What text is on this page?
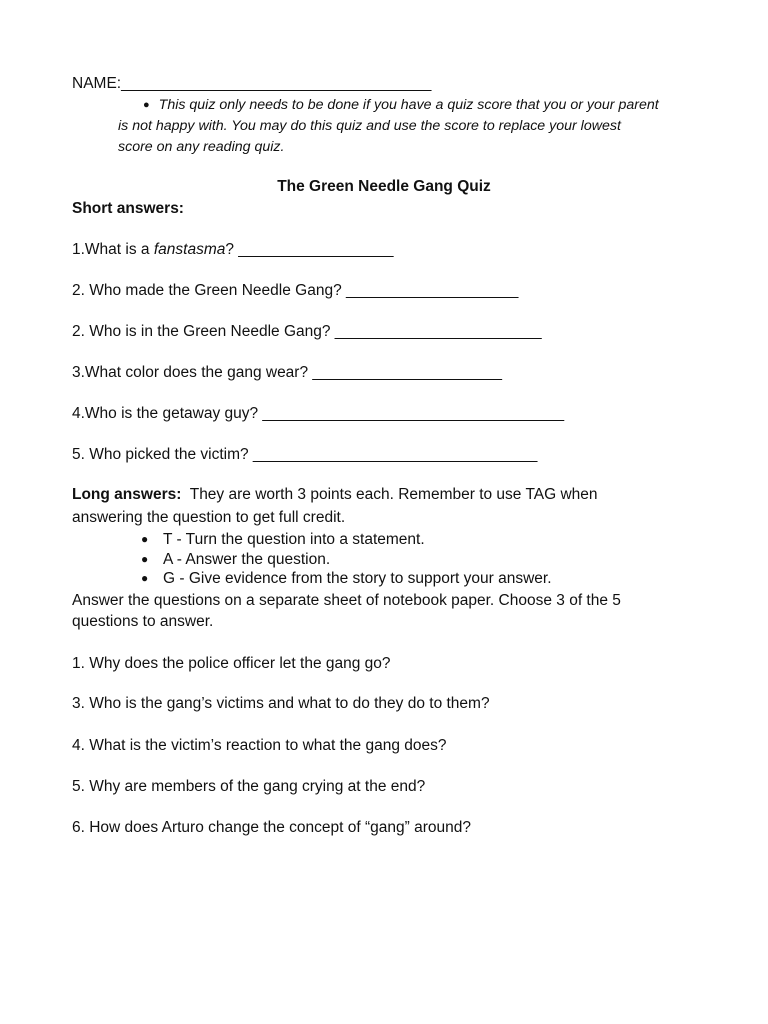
NAME:____________________________________
● This quiz only needs to be done if you have a quiz score that you or your parent
is not happy with. You may do this quiz and use the score to replace your lowest
score on any reading quiz.
The Green Needle Gang Quiz
Short answers:
1.What is a fanstasma? __________________
2. Who made the Green Needle Gang? ____________________
2. Who is in the Green Needle Gang? ________________________
3.What color does the gang wear? ______________________
4.Who is the getaway guy? ___________________________________
5. Who picked the victim? _________________________________
Long answers:  They are worth 3 points each. Remember to use TAG when
answering the question to get full credit.
● T - Turn the question into a statement.
● A - Answer the question.
● G - Give evidence from the story to support your answer.
Answer the questions on a separate sheet of notebook paper. Choose 3 of the 5
questions to answer.
1. Why does the police officer let the gang go?
3. Who is the gang’s victims and what to do they do to them?
4. What is the victim’s reaction to what the gang does?
5. Why are members of the gang crying at the end?
6. How does Arturo change the concept of “gang” around?
